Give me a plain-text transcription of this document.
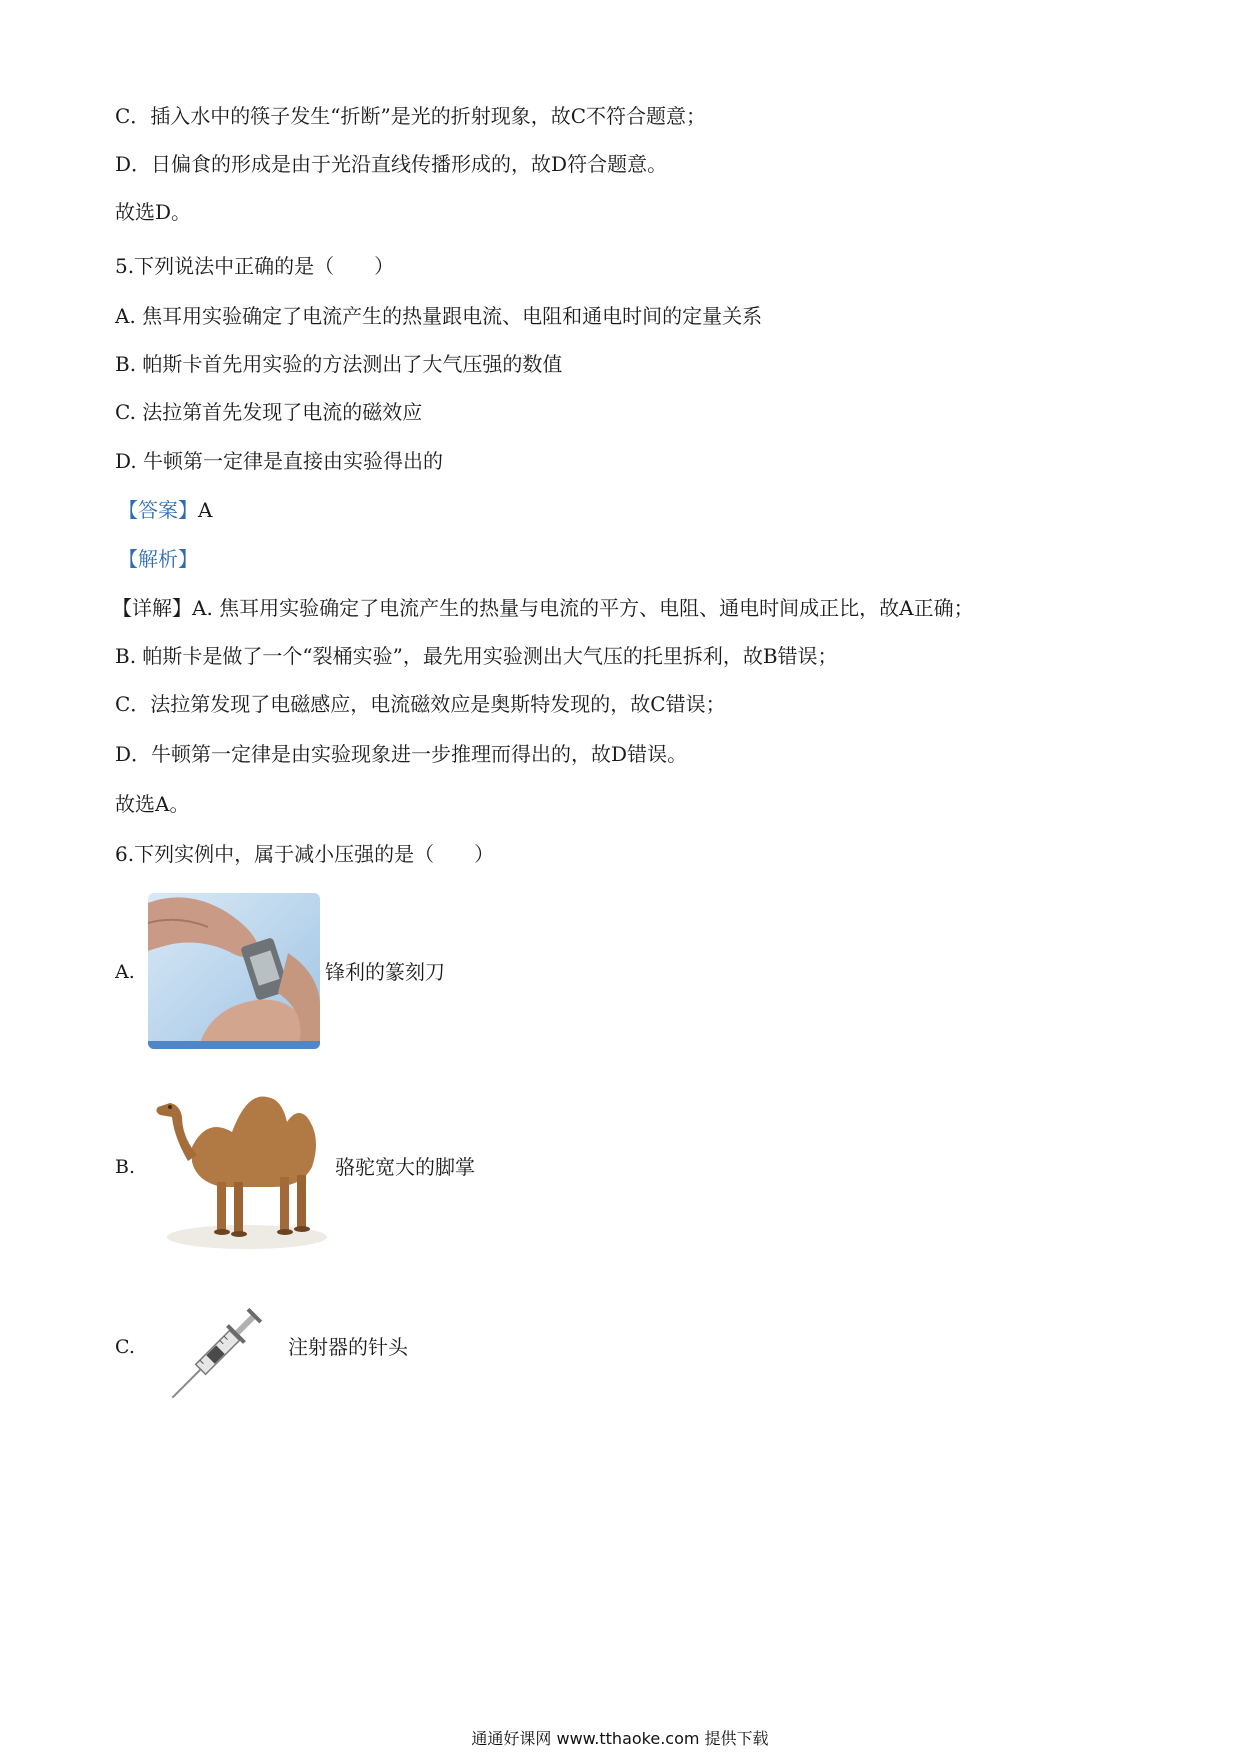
C．插入水中的筷子发生“折断”是光的折射现象，故C不符合题意；
D．日偏食的形成是由于光沿直线传播形成的，故D符合题意。
故选D。
5.下列说法中正确的是（　　）
A. 焦耳用实验确定了电流产生的热量跟电流、电阻和通电时间的定量关系
B. 帕斯卡首先用实验的方法测出了大气压强的数值
C. 法拉第首先发现了电流的磁效应
D. 牛顿第一定律是直接由实验得出的
【答案】A
【解析】
【详解】A. 焦耳用实验确定了电流产生的热量与电流的平方、电阻、通电时间成正比，故A正确；
B. 帕斯卡是做了一个“裂桶实验”，最先用实验测出大气压的托里拆利，故B错误；
C．法拉第发现了电磁感应，电流磁效应是奥斯特发现的，故C错误；
D．牛顿第一定律是由实验现象进一步推理而得出的，故D错误。
故选A。
6.下列实例中，属于减小压强的是（　　）
A.	锋利的篆刻刀
B.	骆驼宽大的脚掌
C.	注射器的针头
通通好课网 www.tthaoke.com 提供下载
